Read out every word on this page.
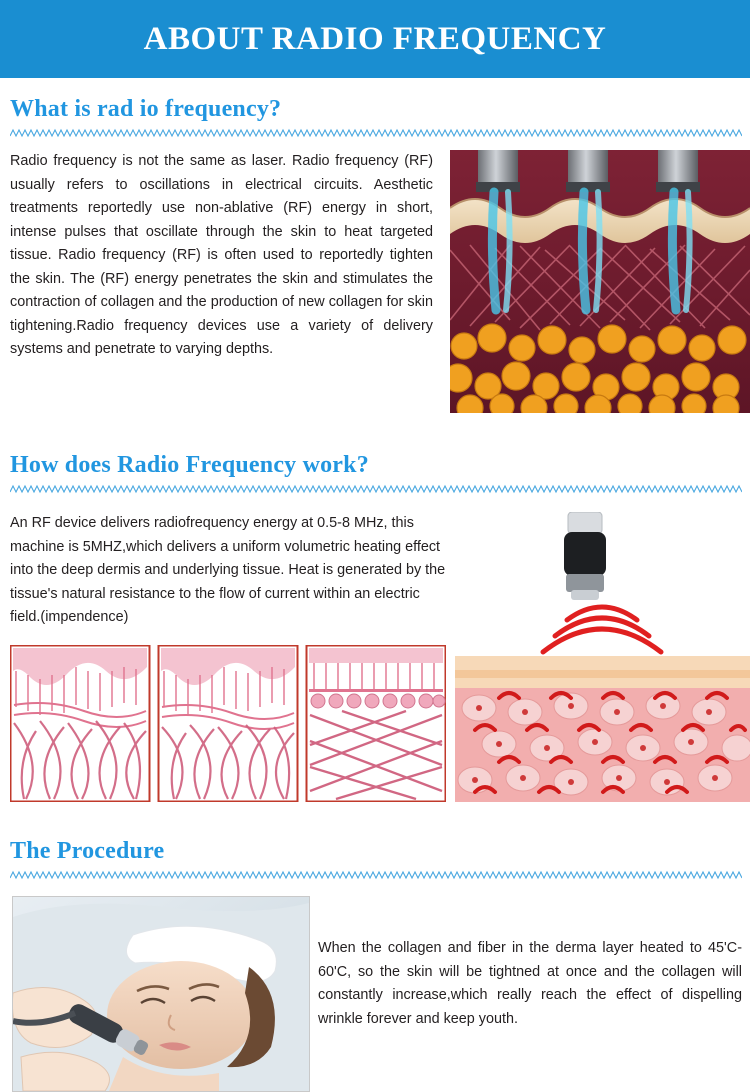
ABOUT RADIO FREQUENCY
What is rad io frequency?
Radio frequency is not the same as laser. Radio frequency (RF) usually refers to oscillations in electrical circuits. Aesthetic treatments reportedly use non-ablative (RF) energy in short, intense pulses that oscillate through the skin to heat targeted tissue. Radio frequency (RF) is often used to reportedly tighten the skin. The (RF) energy penetrates the skin and stimulates the contraction of collagen and the production of new collagen for skin tightening.Radio frequency devices use a variety of delivery systems and penetrate to varying depths.
How does Radio Frequency work?
An RF device delivers radiofrequency energy at 0.5-8 MHz, this machine is 5MHZ,which delivers a uniform volumetric heating effect into the deep dermis and underlying tissue. Heat is generated by the tissue's natural resistance to the flow of current within an electric field.(impendence)
The Procedure
When the collagen and fiber in the derma layer heated to 45'C-60'C, so the skin will be tightned at once and the collagen will constantly increase,which really reach the effect of dispelling wrinkle forever and keep youth.
